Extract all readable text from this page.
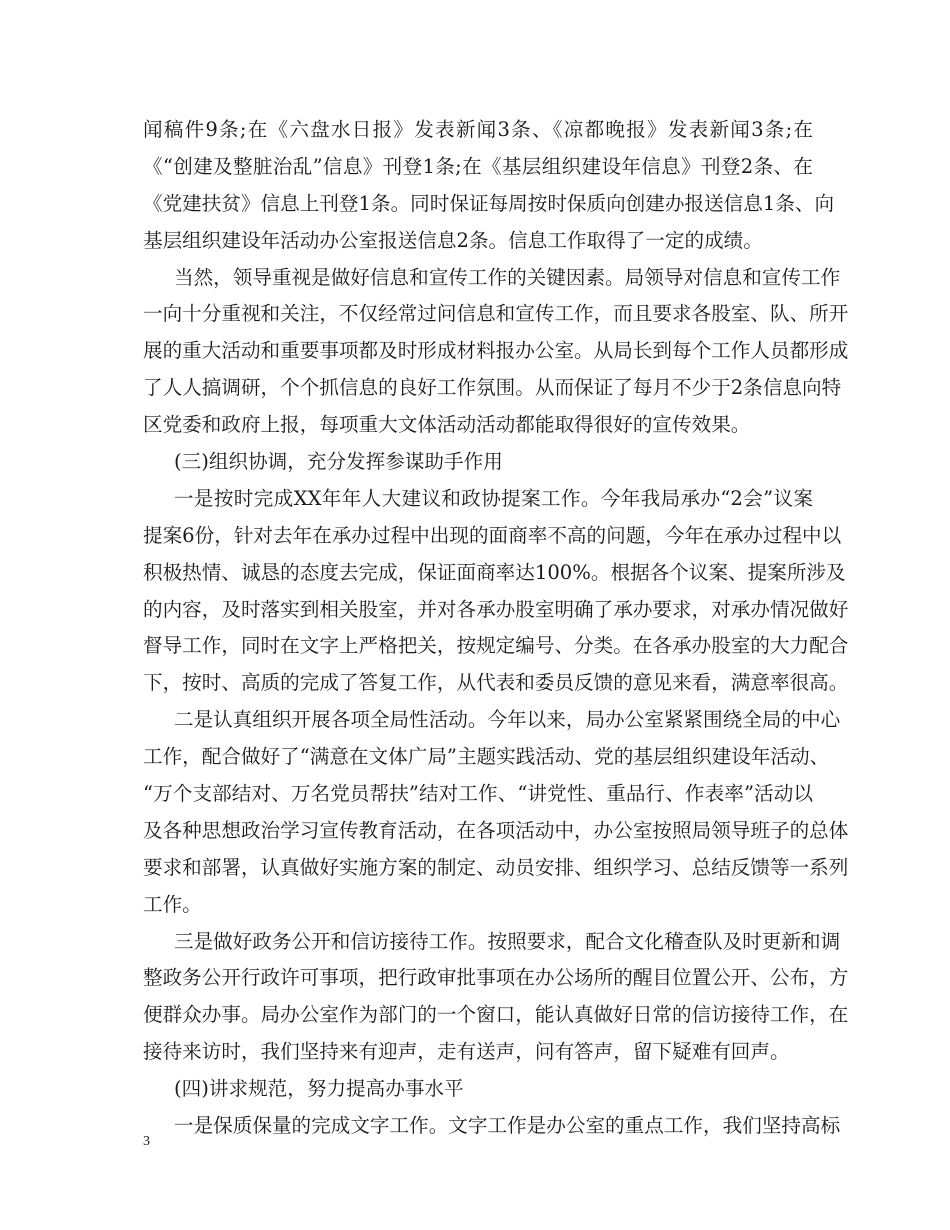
闻稿件9条;在《六盘水日报》发表新闻3条、《凉都晚报》发表新闻3条;在
《“创建及整脏治乱”信息》刊登1条;在《基层组织建设年信息》刊登2条、在
《党建扶贫》信息上刊登1条。同时保证每周按时保质向创建办报送信息1条、向
基层组织建设年活动办公室报送信息2条。信息工作取得了一定的成绩。
当然，领导重视是做好信息和宣传工作的关键因素。局领导对信息和宣传工作
一向十分重视和关注，不仅经常过问信息和宣传工作，而且要求各股室、队、所开
展的重大活动和重要事项都及时形成材料报办公室。从局长到每个工作人员都形成
了人人搞调研，个个抓信息的良好工作氛围。从而保证了每月不少于2条信息向特
区党委和政府上报，每项重大文体活动活动都能取得很好的宣传效果。
(三)组织协调，充分发挥参谋助手作用
一是按时完成XX年年人大建议和政协提案工作。今年我局承办“2会”议案
提案6份，针对去年在承办过程中出现的面商率不高的问题，今年在承办过程中以
积极热情、诚恳的态度去完成，保证面商率达100%。根据各个议案、提案所涉及
的内容，及时落实到相关股室，并对各承办股室明确了承办要求，对承办情况做好
督导工作，同时在文字上严格把关，按规定编号、分类。在各承办股室的大力配合
下，按时、高质的完成了答复工作，从代表和委员反馈的意见来看，满意率很高。
二是认真组织开展各项全局性活动。今年以来，局办公室紧紧围绕全局的中心
工作，配合做好了“满意在文体广局”主题实践活动、党的基层组织建设年活动、
“万个支部结对、万名党员帮扶”结对工作、“讲党性、重品行、作表率”活动以
及各种思想政治学习宣传教育活动，在各项活动中，办公室按照局领导班子的总体
要求和部署，认真做好实施方案的制定、动员安排、组织学习、总结反馈等一系列
工作。
三是做好政务公开和信访接待工作。按照要求，配合文化稽查队及时更新和调
整政务公开行政许可事项，把行政审批事项在办公场所的醒目位置公开、公布，方
便群众办事。局办公室作为部门的一个窗口，能认真做好日常的信访接待工作，在
接待来访时，我们坚持来有迎声，走有送声，问有答声，留下疑难有回声。
(四)讲求规范，努力提高办事水平
一是保质保量的完成文字工作。文字工作是办公室的重点工作，我们坚持高标
3
